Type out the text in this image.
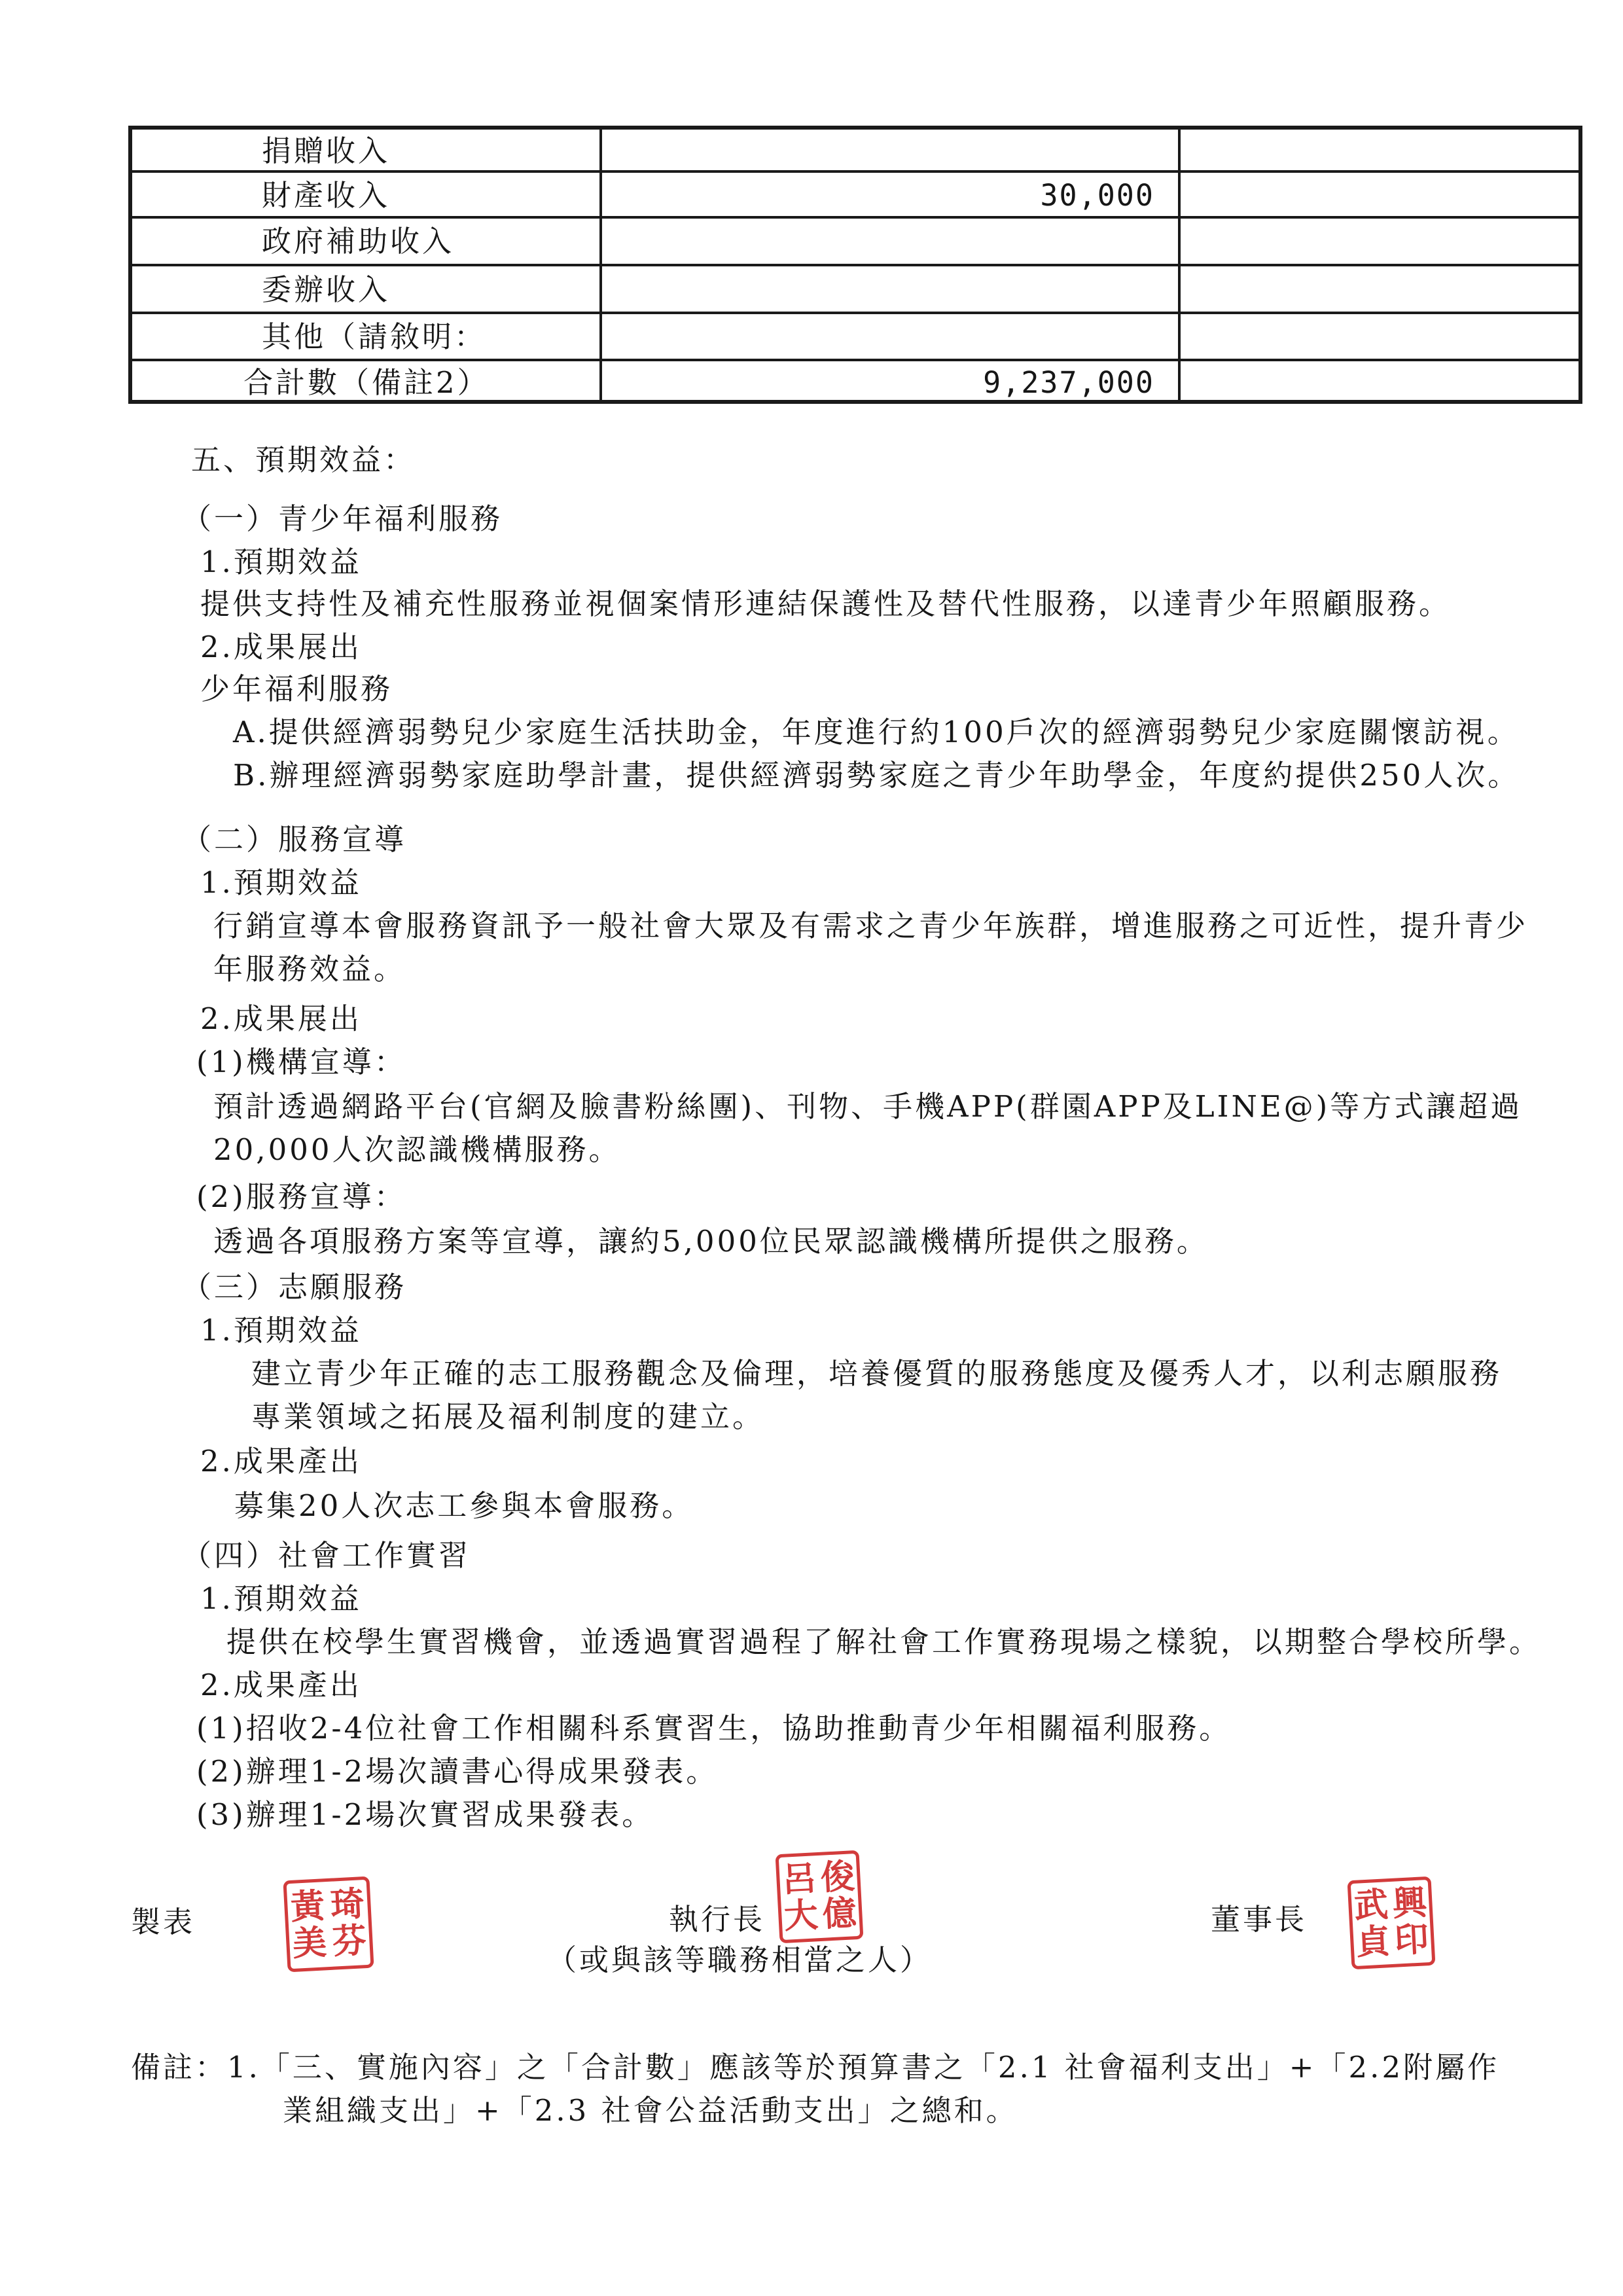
捐贈收入
財產收入	30,000
政府補助收入
委辦收入
其他（請敘明：
合計數（備註2）	9,237,000
五、預期效益：
（一）青少年福利服務
1.預期效益
提供支持性及補充性服務並視個案情形連結保護性及替代性服務，以達青少年照顧服務。
2.成果展出
少年福利服務
A.提供經濟弱勢兒少家庭生活扶助金，年度進行約100戶次的經濟弱勢兒少家庭關懷訪視。
B.辦理經濟弱勢家庭助學計畫，提供經濟弱勢家庭之青少年助學金，年度約提供250人次。
（二）服務宣導
1.預期效益
行銷宣導本會服務資訊予一般社會大眾及有需求之青少年族群，增進服務之可近性，提升青少
年服務效益。
2.成果展出
(1)機構宣導：
預計透過網路平台(官網及臉書粉絲團)、刊物、手機APP(群園APP及LINE@)等方式讓超過
20,000人次認識機構服務。
(2)服務宣導：
透過各項服務方案等宣導，讓約5,000位民眾認識機構所提供之服務。
（三）志願服務
1.預期效益
建立青少年正確的志工服務觀念及倫理，培養優質的服務態度及優秀人才，以利志願服務
專業領域之拓展及福利制度的建立。
2.成果產出
募集20人次志工參與本會服務。
（四）社會工作實習
1.預期效益
提供在校學生實習機會，並透過實習過程了解社會工作實務現場之樣貌，以期整合學校所學。
2.成果產出
(1)招收2-4位社會工作相關科系實習生，協助推動青少年相關福利服務。
(2)辦理1-2場次讀書心得成果發表。
(3)辦理1-2場次實習成果發表。
製表	黃 琦
美 芬
執行長
呂 俊
大 億
（或與該等職務相當之人）
董事長 武 興
貞 印
備註：1.「三、實施內容」之「合計數」應該等於預算書之「2.1 社會福利支出」+「2.2附屬作
業組織支出」+「2.3 社會公益活動支出」之總和。
